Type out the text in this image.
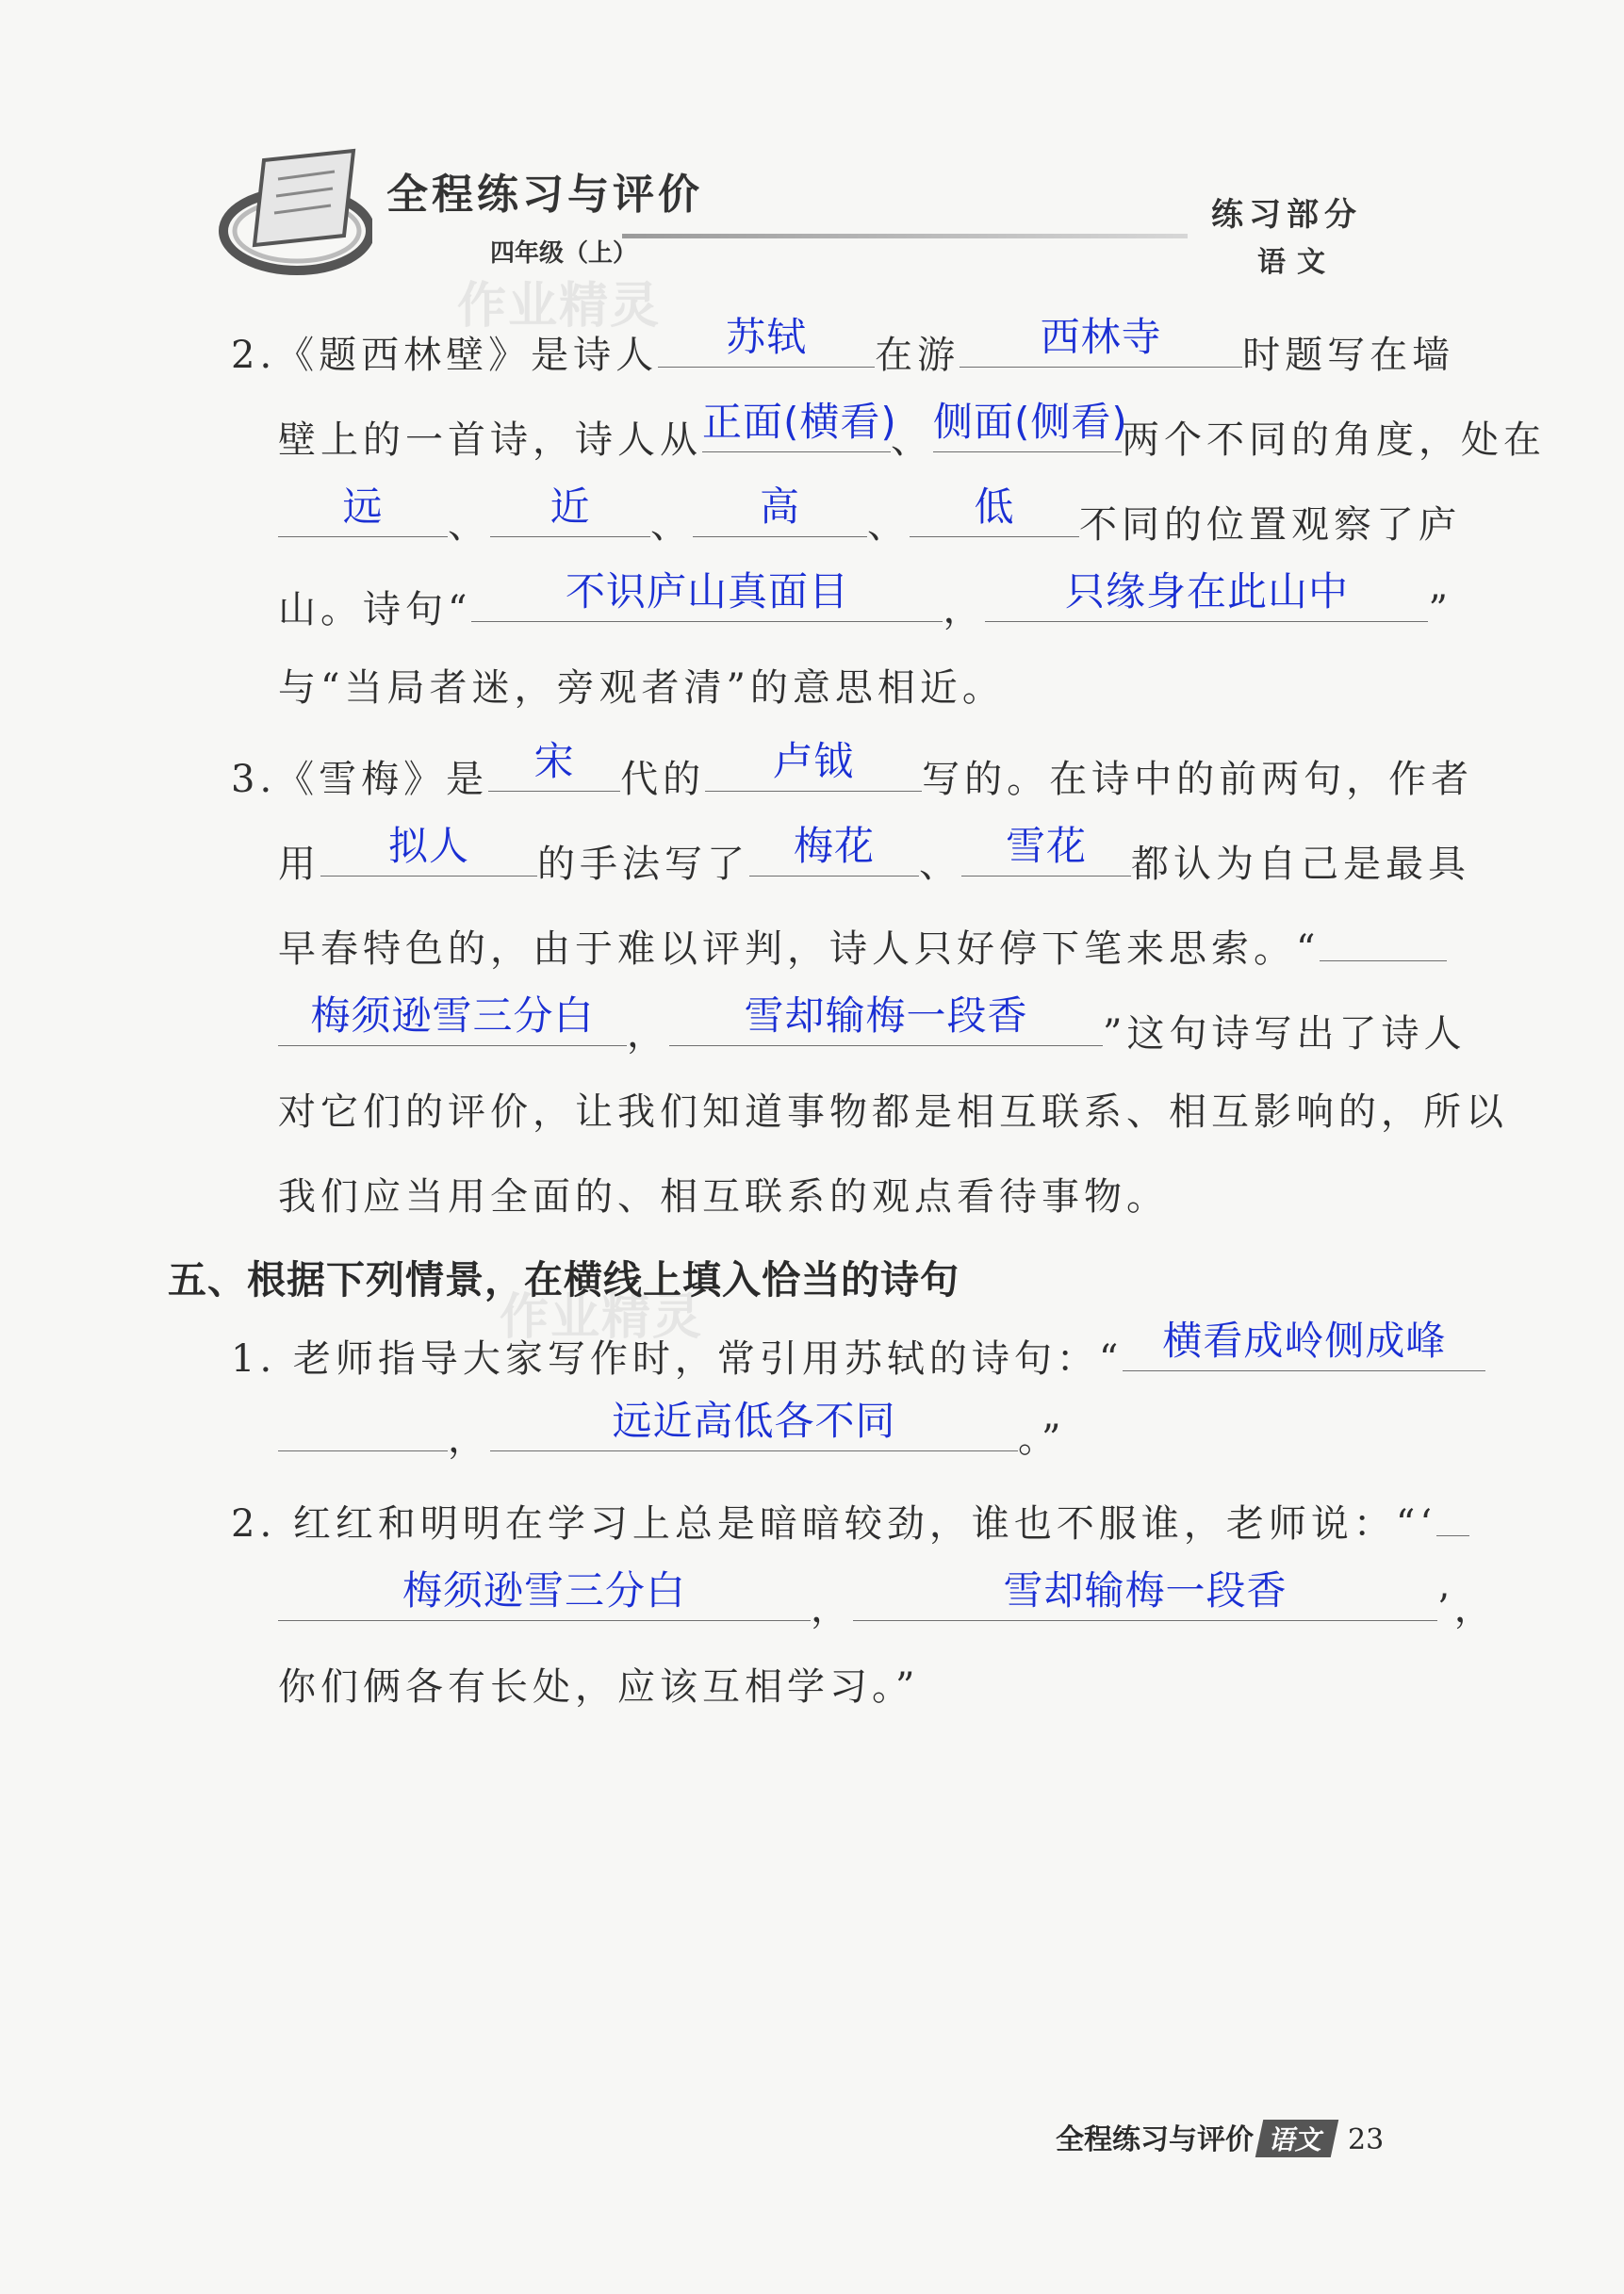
全程练习与评价
四年级（上）
练习部分
语文
作业精灵
作业精灵
2.《题西林壁》是诗人	苏轼	在游	西林寺	时题写在墙
壁上的一首诗，诗人从 正面(横看)
、 侧面(侧看)
两个不同的角度，处在
远	、	近	、	高	、	低	不同的位置观察了庐
山。诗句“	不识庐山真面目	，	只缘身在此山中	”
与“当局者迷，旁观者清”的意思相近。
3.《雪梅》是	宋	代的	卢钺	写的。在诗中的前两句，作者
用	拟人	的手法写了	梅花	、	雪花	都认为自己是最具
早春特色的，由于难以评判，诗人只好停下笔来思索。“
梅须逊雪三分白 ，	雪却输梅一段香	”这句诗写出了诗人
对它们的评价，让我们知道事物都是相互联系、相互影响的，所以
我们应当用全面的、相互联系的观点看待事物。
五、根据下列情景，在横线上填入恰当的诗句
1. 老师指导大家写作时，常引用苏轼的诗句：“ 横看成岭侧成峰
，	远近高低各不同	。”
2. 红红和明明在学习上总是暗暗较劲，谁也不服谁，老师说：“‘
梅须逊雪三分白	，	雪却输梅一段香	’，
你们俩各有长处，应该互相学习。”
全程练习与评价 语文 23
